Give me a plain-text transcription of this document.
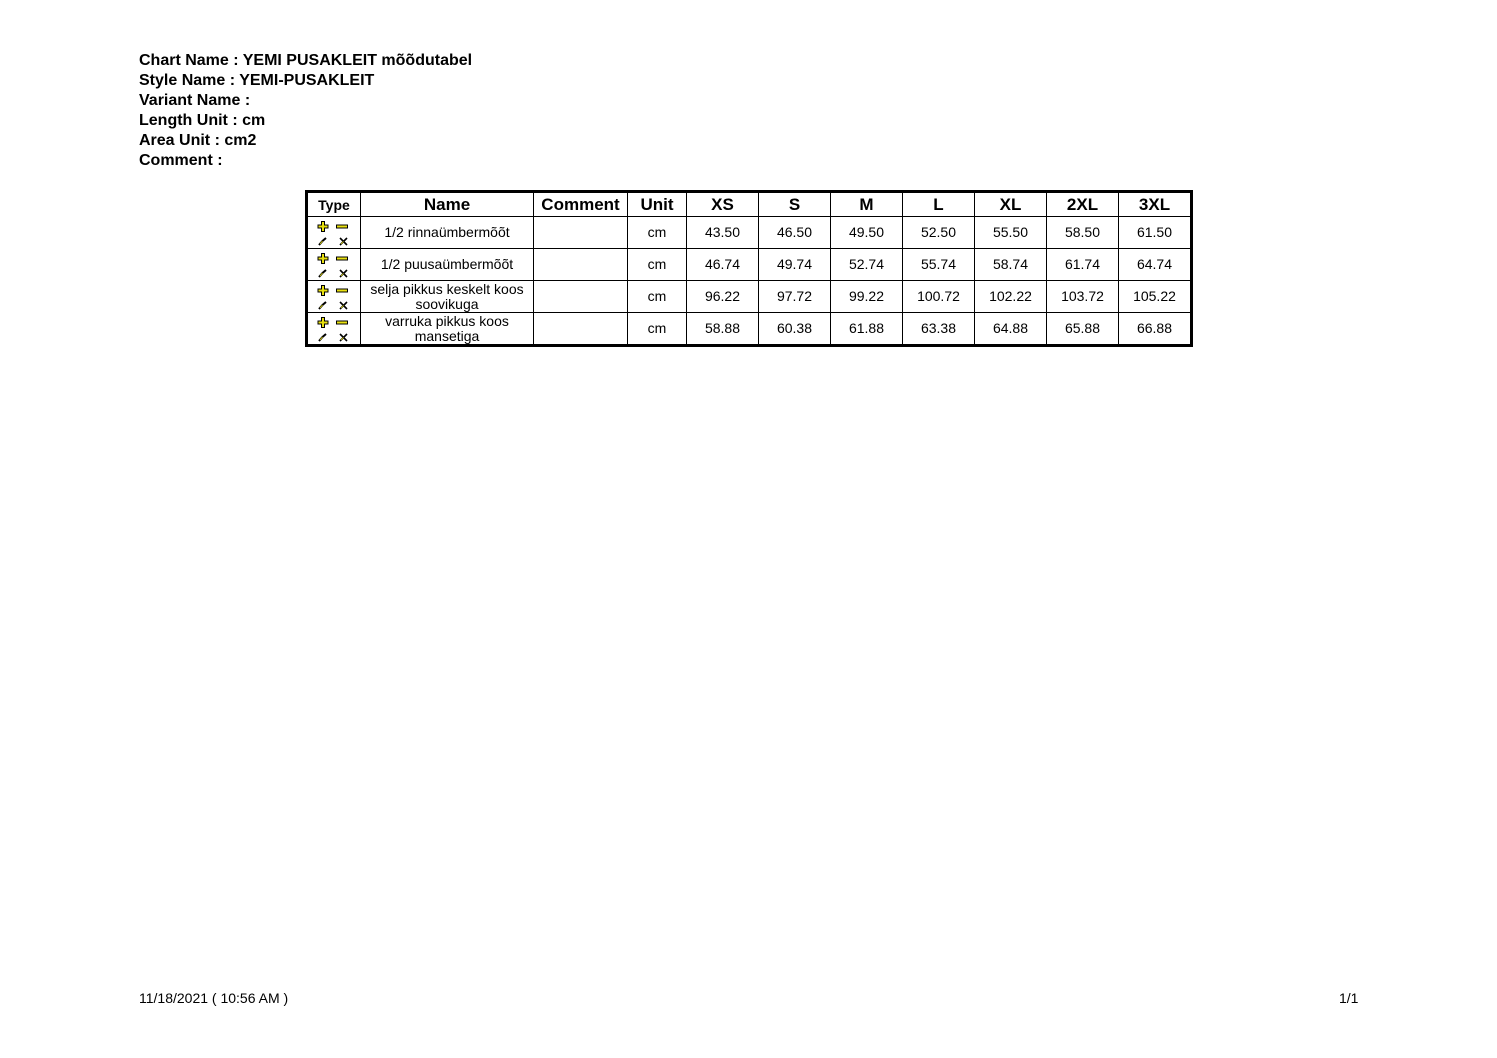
Chart Name : YEMI PUSAKLEIT mõõdutabel
Style Name : YEMI-PUSAKLEIT
Variant Name :
Length Unit : cm
Area Unit : cm2
Comment :
Type	Name	Comment	Unit	XS	S	M	L	XL	2XL	3XL

	1/2 rinnaümbermõõt		cm	43.50	46.50	49.50	52.50	55.50	58.50	61.50

	1/2 puusaümbermõõt		cm	46.74	49.74	52.74	55.74	58.74	61.74	64.74

	selja pikkus keskelt koos soovikuga		cm	96.22	97.72	99.22	100.72	102.22	103.72	105.22

	varruka pikkus koos mansetiga		cm	58.88	60.38	61.88	63.38	64.88	65.88	66.88
11/18/2021 ( 10:56 AM )	1/1
